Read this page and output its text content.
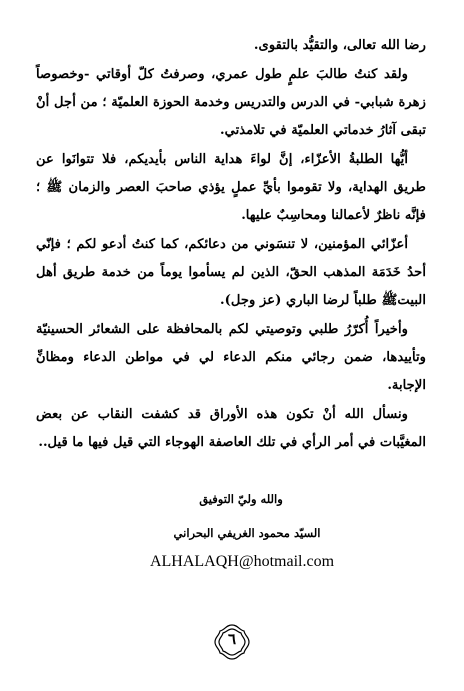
رضا الله تعالى، والتقيُّد بالتقوى.

ولقد كنتُ طالبَ علمٍ طول عمري، وصرفتُ كلّ أوقاتي -وخصوصاً زهرة شبابي- في الدرس والتدريس وخدمة الحوزة العلميّة ؛ من أجل أنْ تبقى آثارُ خدماتي العلميّة في تلامذتي.

أيُّها الطلبةُ الأعزّاء، إنَّ لواءَ هداية الناس بأيديكم، فلا تتوانَوا عن طريق الهداية، ولا تقوموا بأيِّ عملٍ يؤذي صاحبَ العصر والزمان ﷺ ؛ فإنَّه ناظرٌ لأعمالنا ومحاسِبٌ عليها.

أعزّائي المؤمنين، لا تنسَوني من دعائكم، كما كنتُ أدعو لكم ؛ فإنّي أحدُ خَدَمَة المذهب الحقّ، الذين لم يسأموا يوماً من خدمة طريق أهل البيتﷺ طلباً لرضا الباري (عز وجل).

وأخيراً أُكرّرُ طلبي وتوصيتي لكم بالمحافظة على الشعائر الحسينيّة وتأييدها، ضمن رجائي منكم الدعاء لي في مواطن الدعاء ومظانِّ الإجابة.

ونسأل الله أنْ تكون هذه الأوراق قد كشفت النقاب عن بعض المغيَّبات في أمر الرأي في تلك العاصفة الهوجاء التي قيل فيها ما قيل..

والله وليّ التوفيق
السيّد محمود الغريفي البحراني
ALHALAQH@hotmail.com
٦
